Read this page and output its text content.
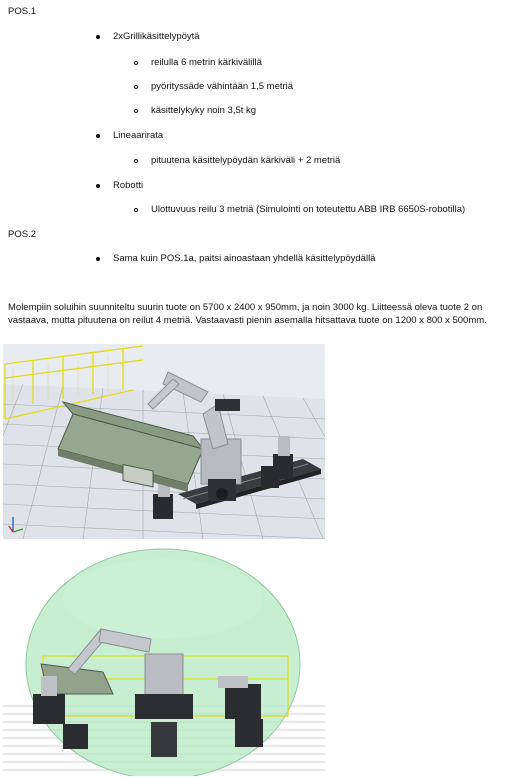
POS.1
2xGrillikäsittelypöytä
reilulla 6 metrin kärkivälillä
pyörityssäde vähintään 1,5 metriä
käsittelykyky noin 3,5t kg
Lineaarirata
pituutena käsittelypöydän kärkiväli + 2 metriä
Robotti
Ulottuvuus reilu 3 metriä (Simulointi on toteutettu ABB IRB 6650S-robotilla)
POS.2
Sama kuin POS.1a, paitsi ainoastaan yhdellä käsittelypöydällä
Molempiin soluihin suunniteltu suurin tuote on 5700 x 2400 x 950mm, ja noin 3000 kg. Liitteessä oleva tuote 2 on vastaava, mutta pituutena on reilut 4 metriä. Vastaavasti pienin asemalla hitsattava tuote on 1200 x 800 x 500mm.
